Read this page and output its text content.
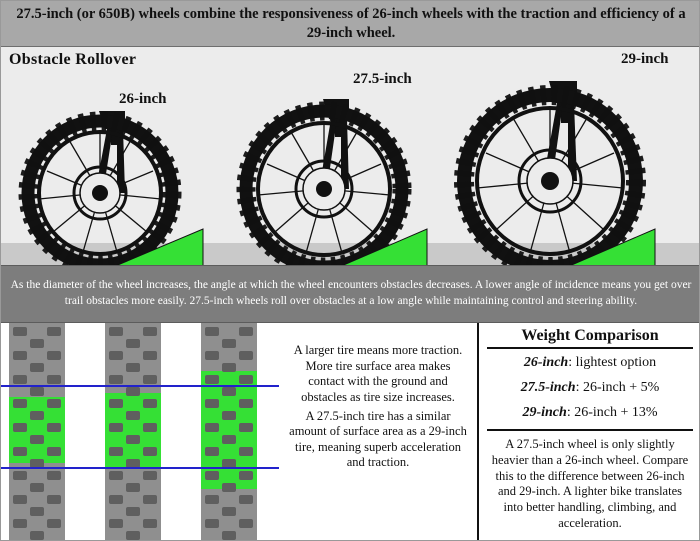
27.5-inch (or 650B) wheels combine the responsiveness of 26-inch wheels with the traction and efficiency of a 29-inch wheel.
Obstacle Rollover
26-inch
27.5-inch
29-inch

As the diameter of the wheel increases, the angle at which the wheel encounters obstacles decreases. A lower angle of incidence means you get over trail obstacles more easily. 27.5-inch wheels roll over obstacles at a low angle while maintaining control and steering ability.

A larger tire means more traction. More tire surface area makes contact with the ground and obstacles as tire size increases.

A 27.5-inch tire has a similar amount of surface area as a 29-inch tire, meaning superb acceleration and traction.

Weight Comparison
26-inch: lightest option
27.5-inch: 26-inch + 5%
29-inch: 26-inch + 13%

A 27.5-inch wheel is only slightly heavier than a 26-inch wheel. Compare this to the difference between 26-inch and 29-inch. A lighter bike translates into better handling, climbing, and acceleration.
